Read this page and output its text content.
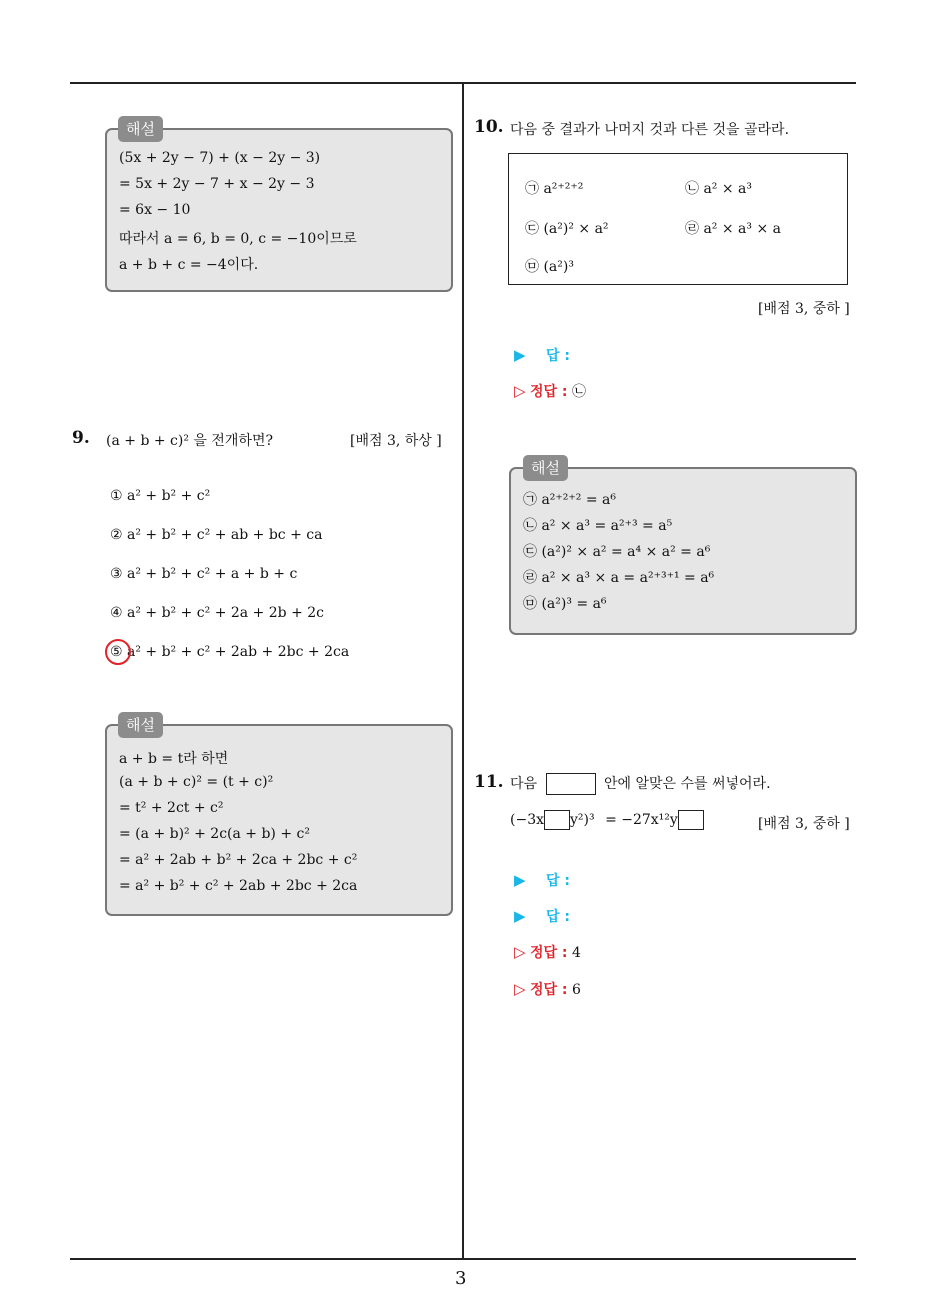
(5x + 2y − 7) + (x − 2y − 3)
= 5x + 2y − 7 + x − 2y − 3
= 6x − 10
따라서 a = 6, b = 0, c = −10이므로
a + b + c = −4이다.
해설
9. (a + b + c)² 을 전개하면?	[배점 3, 하상 ]
① a² + b² + c²
② a² + b² + c² + ab + bc + ca
③ a² + b² + c² + a + b + c
④ a² + b² + c² + 2a + 2b + 2c
⑤ a² + b² + c² + 2ab + 2bc + 2ca
a + b = t라 하면
(a + b + c)² = (t + c)²
= t² + 2ct + c²
= (a + b)² + 2c(a + b) + c²
= a² + 2ab + b² + 2ca + 2bc + c²
= a² + b² + c² + 2ab + 2bc + 2ca
해설
10. 다음 중 결과가 나머지 것과 다른 것을 골라라.
㉠ a²⁺²⁺²	㉡ a² × a³
㉢ (a²)² × a²	㉣ a² × a³ × a
㉤ (a²)³
[배점 3, 중하 ]
▶ 답 :
▷ 정답 : ㉡
㉠ a²⁺²⁺² = a⁶
㉡ a² × a³ = a²⁺³ = a⁵
㉢ (a²)² × a² = a⁴ × a² = a⁶
㉣ a² × a³ × a = a²⁺³⁺¹ = a⁶
㉤ (a²)³ = a⁶
해설
11. 다음	안에 알맞은 수를 써넣어라.
(−3x y²)³ = −27x¹²y	[배점 3, 중하 ]
▶ 답 :
▶ 답 :
▷ 정답 : 4
▷ 정답 : 6
3
